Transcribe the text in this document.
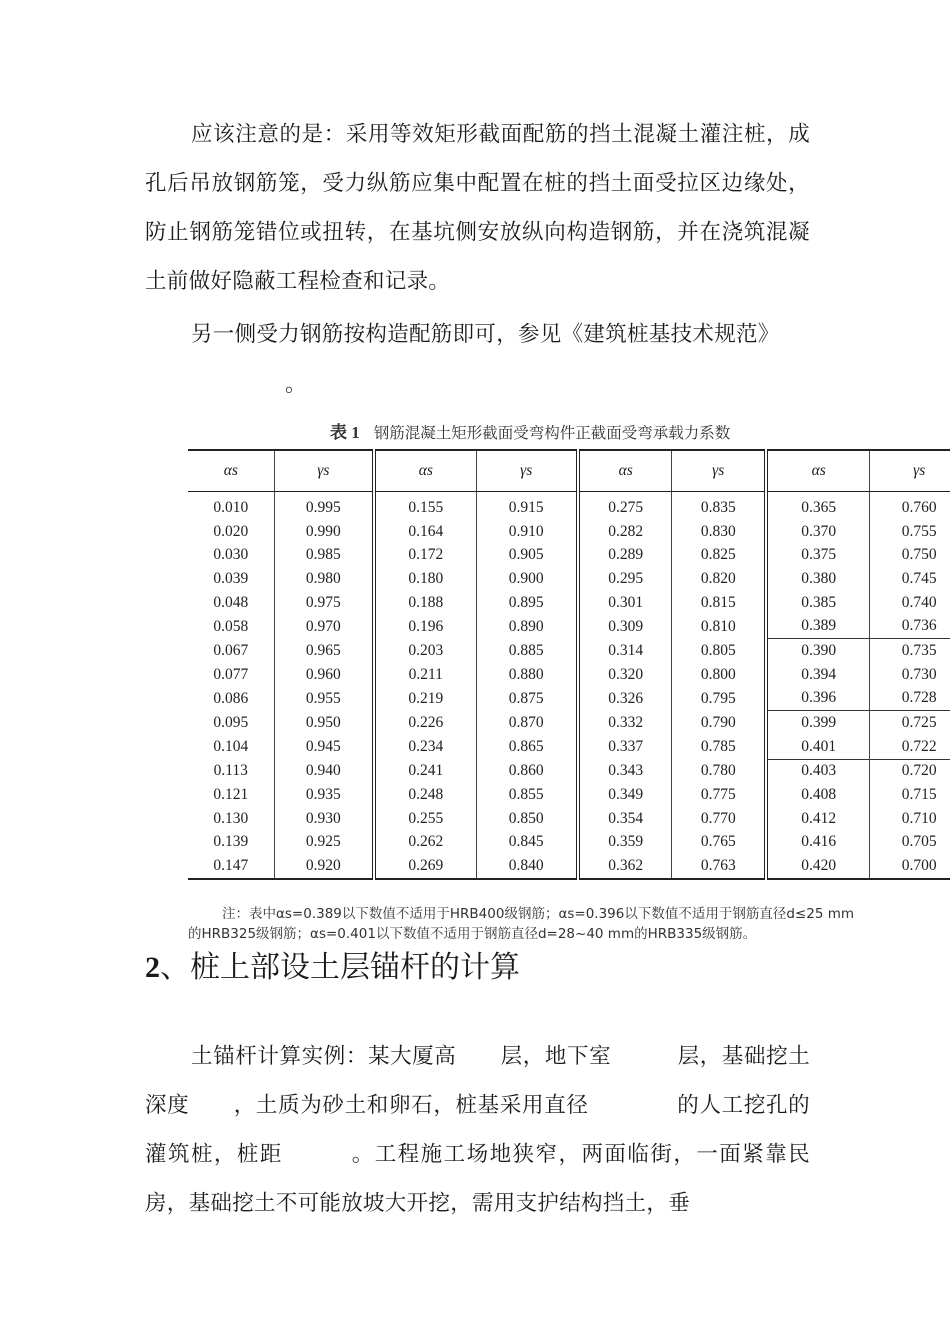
应该注意的是：采用等效矩形截面配筋的挡土混凝土灌注桩，成孔后吊放钢筋笼，受力纵筋应集中配置在桩的挡土面受拉区边缘处，防止钢筋笼错位或扭转，在基坑侧安放纵向构造钢筋，并在浇筑混凝土前做好隐蔽工程检查和记录。

另一侧受力钢筋按构造配筋即可，参见《建筑桩基技术规范》

。

表 1 钢筋混凝土矩形截面受弯构件正截面受弯承载力系数
αs	γs	αs	γs	αs	γs	αs	γs
0.010	0.995	0.155	0.915	0.275	0.835	0.365	0.760
0.020	0.990	0.164	0.910	0.282	0.830	0.370	0.755
0.030	0.985	0.172	0.905	0.289	0.825	0.375	0.750
0.039	0.980	0.180	0.900	0.295	0.820	0.380	0.745
0.048	0.975	0.188	0.895	0.301	0.815	0.385	0.740
0.058	0.970	0.196	0.890	0.309	0.810	0.389	0.736
0.067	0.965	0.203	0.885	0.314	0.805	0.390	0.735
0.077	0.960	0.211	0.880	0.320	0.800	0.394	0.730
0.086	0.955	0.219	0.875	0.326	0.795	0.396	0.728
0.095	0.950	0.226	0.870	0.332	0.790	0.399	0.725
0.104	0.945	0.234	0.865	0.337	0.785	0.401	0.722
0.113	0.940	0.241	0.860	0.343	0.780	0.403	0.720
0.121	0.935	0.248	0.855	0.349	0.775	0.408	0.715
0.130	0.930	0.255	0.850	0.354	0.770	0.412	0.710
0.139	0.925	0.262	0.845	0.359	0.765	0.416	0.705
0.147	0.920	0.269	0.840	0.362	0.763	0.420	0.700
注：表中αs=0.389以下数值不适用于HRB400级钢筋；αs=0.396以下数值不适用于钢筋直径d≤25 mm
的HRB325级钢筋；αs=0.401以下数值不适用于钢筋直径d=28~40 mm的HRB335级钢筋。
2、桩上部设土层锚杆的计算

土锚杆计算实例：某大厦高　　层，地下室　　　层，基础挖土深度　　，土质为砂土和卵石，桩基采用直径　　　　的人工挖孔的灌筑桩，桩距　　　。工程施工场地狭窄，两面临街，一面紧靠民房，基础挖土不可能放坡大开挖，需用支护结构挡土，垂
